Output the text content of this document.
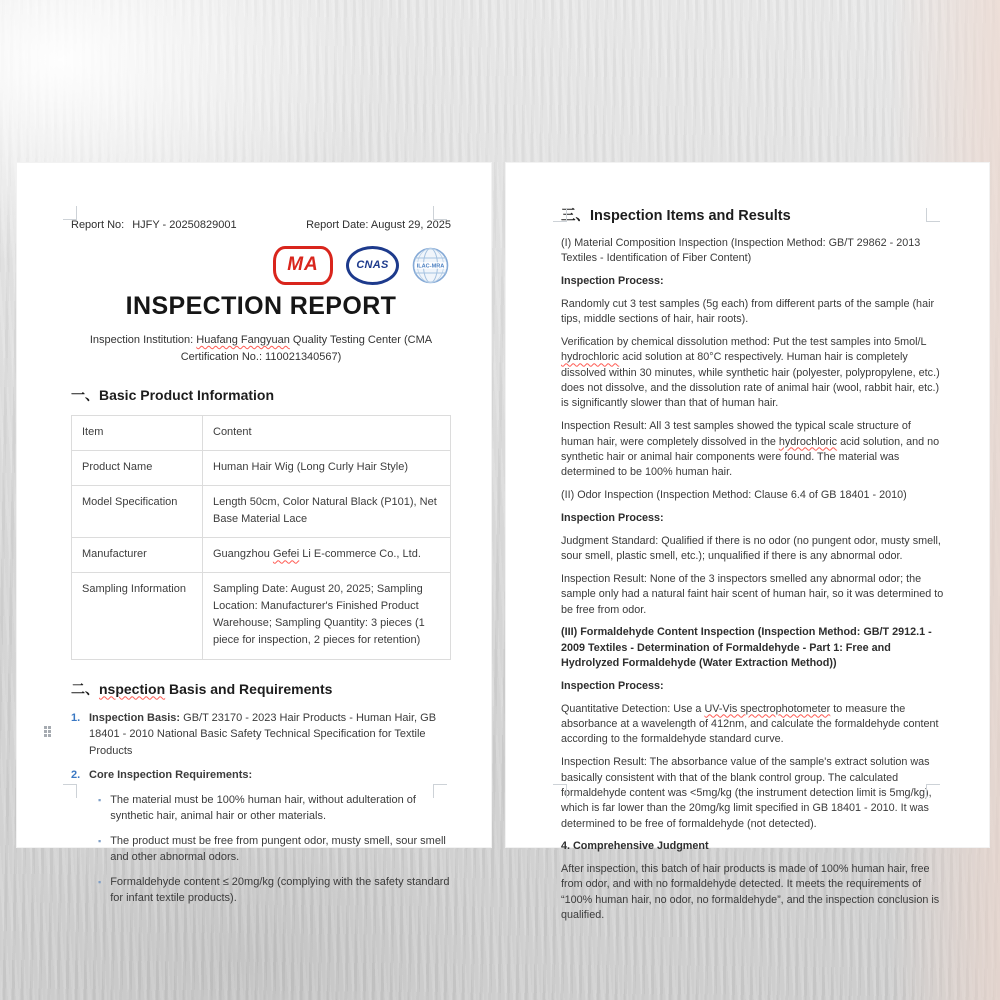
Report No: HJFY - 20250829001	Report Date: August 29, 2025
MA	CNAS	ILAC-MRA
INSPECTION REPORT
Inspection Institution: Huafang Fangyuan Quality Testing Center (CMA Certification No.: 110021340567)
一、Basic Product Information
Item	Content
Product Name	Human Hair Wig (Long Curly Hair Style)
Model Specification	Length 50cm, Color Natural Black (P101), Net Base Material Lace
Manufacturer	Guangzhou Gefei Li E-commerce Co., Ltd.
Sampling Information	Sampling Date: August 20, 2025; Sampling Location: Manufacturer's Finished Product Warehouse; Sampling Quantity: 3 pieces (1 piece for inspection, 2 pieces for retention)
二、nspection Basis and Requirements
1. Inspection Basis: GB/T 23170 - 2023 Hair Products - Human Hair, GB 18401 - 2010 National Basic Safety Technical Specification for Textile Products
2. Core Inspection Requirements:
▪ The material must be 100% human hair, without adulteration of synthetic hair, animal hair or other materials.
▪ The product must be free from pungent odor, musty smell, sour smell and other abnormal odors.
▪ Formaldehyde content ≤ 20mg/kg (complying with the safety standard for infant textile products).
三、Inspection Items and Results

(I) Material Composition Inspection (Inspection Method: GB/T 29862 - 2013 Textiles - Identification of Fiber Content)

Inspection Process:

Randomly cut 3 test samples (5g each) from different parts of the sample (hair tips, middle sections of hair, hair roots).

Verification by chemical dissolution method: Put the test samples into 5mol/L hydrochloric acid solution at 80°C respectively. Human hair is completely dissolved within 30 minutes, while synthetic hair (polyester, polypropylene, etc.) does not dissolve, and the dissolution rate of animal hair (wool, rabbit hair, etc.) is significantly slower than that of human hair.

Inspection Result: All 3 test samples showed the typical scale structure of human hair, were completely dissolved in the hydrochloric acid solution, and no synthetic hair or animal hair components were found. The material was determined to be 100% human hair.

(II) Odor Inspection (Inspection Method: Clause 6.4 of GB 18401 - 2010)

Inspection Process:

Judgment Standard: Qualified if there is no odor (no pungent odor, musty smell, sour smell, plastic smell, etc.); unqualified if there is any abnormal odor.

Inspection Result: None of the 3 inspectors smelled any abnormal odor; the sample only had a natural faint hair scent of human hair, so it was determined to be free from odor.

(III) Formaldehyde Content Inspection (Inspection Method: GB/T 2912.1 - 2009 Textiles - Determination of Formaldehyde - Part 1: Free and Hydrolyzed Formaldehyde (Water Extraction Method))

Inspection Process:

Quantitative Detection: Use a UV-Vis spectrophotometer to measure the absorbance at a wavelength of 412nm, and calculate the formaldehyde content according to the formaldehyde standard curve.

Inspection Result: The absorbance value of the sample's extract solution was basically consistent with that of the blank control group. The calculated formaldehyde content was <5mg/kg (the instrument detection limit is 5mg/kg), which is far lower than the 20mg/kg limit specified in GB 18401 - 2010. It was determined to be free of formaldehyde (not detected).

4. Comprehensive Judgment

After inspection, this batch of hair products is made of 100% human hair, free from odor, and with no formaldehyde detected. It meets the requirements of “100% human hair, no odor, no formaldehyde”, and the inspection conclusion is qualified.
